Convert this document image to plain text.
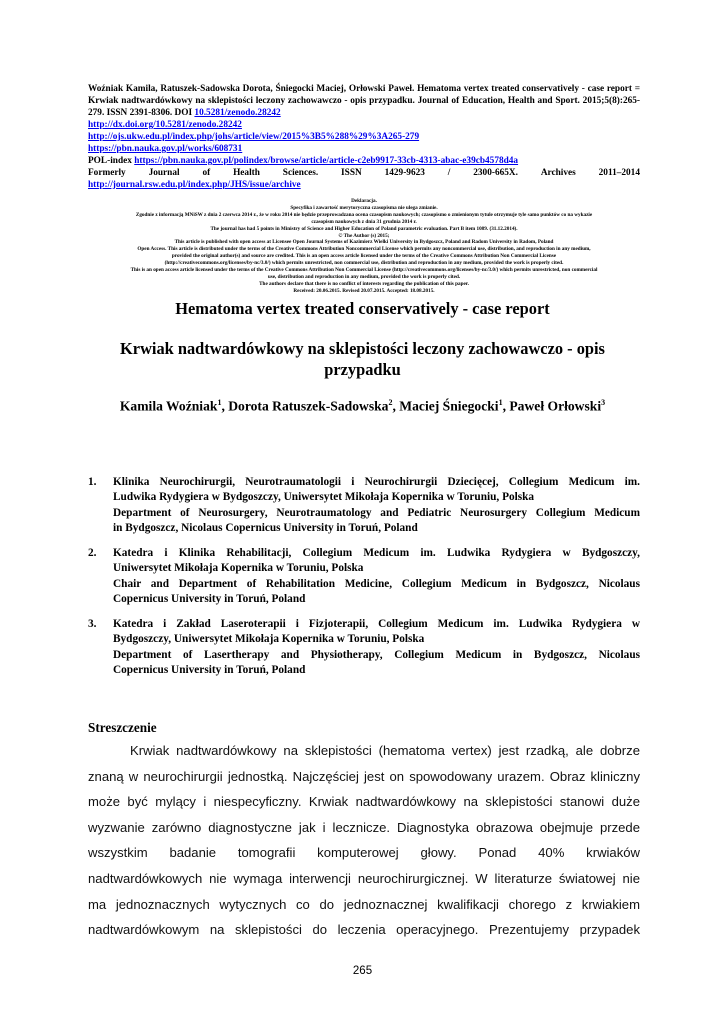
Woźniak Kamila, Ratuszek-Sadowska Dorota, Śniegocki Maciej, Orłowski Paweł. Hematoma vertex treated conservatively - case report = Krwiak nadtwardówkowy na sklepistości leczony zachowawczo - opis przypadku. Journal of Education, Health and Sport. 2015;5(8):265-279. ISSN 2391-8306. DOI 10.5281/zenodo.28242

http://dx.doi.org/10.5281/zenodo.28242

http://ojs.ukw.edu.pl/index.php/johs/article/view/2015%3B5%288%29%3A265-279

https://pbn.nauka.gov.pl/works/608731

POL-index https://pbn.nauka.gov.pl/polindex/browse/article/article-c2eb9917-33cb-4313-abac-e39cb4578d4a

Formerly Journal of Health Sciences. ISSN 1429-9623 / 2300-665X. Archives 2011–2014

http://journal.rsw.edu.pl/index.php/JHS/issue/archive

Deklaracja.
Specyfika i zawartość merytoryczna czasopisma nie ulega zmianie.
Zgodnie z informacją MNiSW z dnia 2 czerwca 2014 r., że w roku 2014 nie będzie przeprowadzana ocena czasopism naukowych; czasopismo o zmienionym tytule otrzymuje tyle samo punktów co na wykazie
czasopism naukowych z dnia 31 grudnia 2014 r.
The journal has had 5 points in Ministry of Science and Higher Education of Poland parametric evaluation. Part B item 1089. (31.12.2014).
© The Author (s) 2015;
This article is published with open access at Licensee Open Journal Systems of Kazimierz Wielki University in Bydgoszcz, Poland and Radom University in Radom, Poland
Open Access. This article is distributed under the terms of the Creative Commons Attribution Noncommercial License which permits any noncommercial use, distribution, and reproduction in any medium,
provided the original author(s) and source are credited. This is an open access article licensed under the terms of the Creative Commons Attribution Non Commercial License
(http://creativecommons.org/licenses/by-nc/3.0/) which permits unrestricted, non commercial use, distribution and reproduction in any medium, provided the work is properly cited.
This is an open access article licensed under the terms of the Creative Commons Attribution Non Commercial License (http://creativecommons.org/licenses/by-nc/3.0/) which permits unrestricted, non commercial
use, distribution and reproduction in any medium, provided the work is properly cited.
The authors declare that there is no conflict of interests regarding the publication of this paper.
Received: 20.06.2015. Revised 20.07.2015. Accepted: 18.08.2015.
Hematoma vertex treated conservatively - case report
Krwiak nadtwardówkowy na sklepistości leczony zachowawczo - opis
przypadku
Kamila Woźniak$^1$, Dorota Ratuszek-Sadowska$^2$, Maciej Śniegocki$^1$, Paweł Orłowski$^3$
1. Klinika Neurochirurgii, Neurotraumatologii i Neurochirurgii Dziecięcej, Collegium Medicum im.
Ludwika Rydygiera w Bydgoszczy, Uniwersytet Mikołaja Kopernika w Toruniu, Polska
Department of Neurosurgery, Neurotraumatology and Pediatric Neurosurgery Collegium Medicum
in Bydgoszcz, Nicolaus Copernicus University in Toruń, Poland
2. Katedra i Klinika Rehabilitacji, Collegium Medicum im. Ludwika Rydygiera w Bydgoszczy,
Uniwersytet Mikołaja Kopernika w Toruniu, Polska
Chair and Department of Rehabilitation Medicine, Collegium Medicum in Bydgoszcz, Nicolaus
Copernicus University in Toruń, Poland
3. Katedra i Zakład Laseroterapii i Fizjoterapii, Collegium Medicum im. Ludwika Rydygiera w
Bydgoszczy, Uniwersytet Mikołaja Kopernika w Toruniu, Polska
Department of Lasertherapy and Physiotherapy, Collegium Medicum in Bydgoszcz, Nicolaus
Copernicus University in Toruń, Poland
Streszczenie
Krwiak nadtwardówkowy na sklepistości (hematoma vertex) jest rzadką, ale dobrze
znaną w neurochirurgii jednostką. Najczęściej jest on spowodowany urazem. Obraz kliniczny
może być mylący i niespecyficzny. Krwiak nadtwardówkowy na sklepistości stanowi duże
wyzwanie zarówno diagnostyczne jak i lecznicze. Diagnostyka obrazowa obejmuje przede
wszystkim badanie tomografii komputerowej głowy. Ponad 40% krwiaków
nadtwardówkowych nie wymaga interwencji neurochirurgicznej. W literaturze światowej nie
ma jednoznacznych wytycznych co do jednoznacznej kwalifikacji chorego z krwiakiem
nadtwardówkowym na sklepistości do leczenia operacyjnego. Prezentujemy przypadek
265
